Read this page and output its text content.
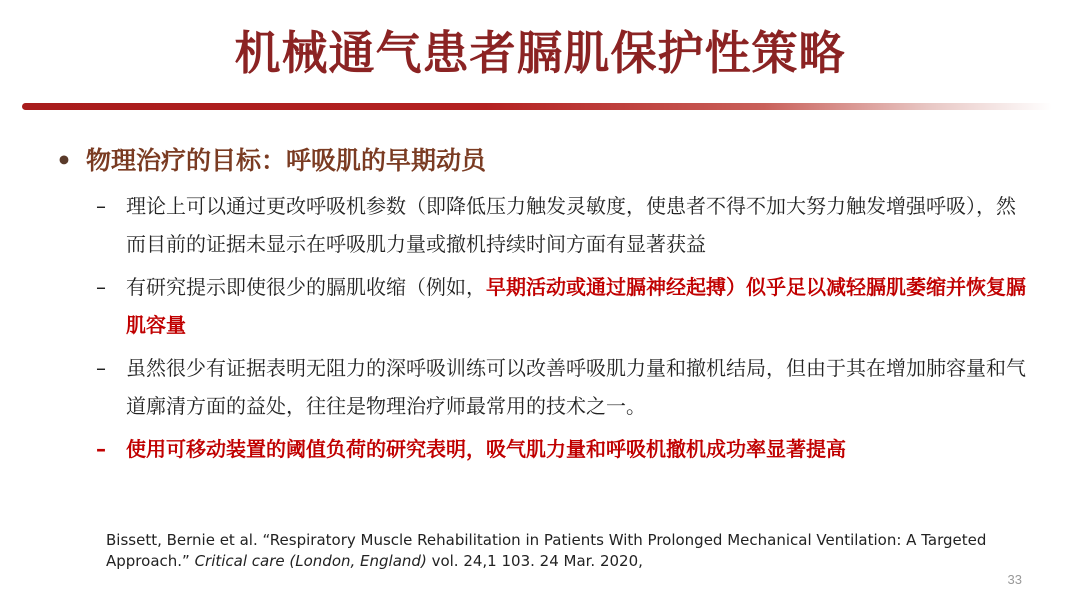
机械通气患者膈肌保护性策略
• 物理治疗的目标：呼吸肌的早期动员
–	理论上可以通过更改呼吸机参数（即降低压力触发灵敏度，使患者不得不加大努力触发增强呼吸），然而目前的证据未显示在呼吸肌力量或撤机持续时间方面有显著获益
–	有研究提示即使很少的膈肌收缩（例如，早期活动或通过膈神经起搏）似乎足以减轻膈肌萎缩并恢复膈肌容量
–	虽然很少有证据表明无阻力的深呼吸训练可以改善呼吸肌力量和撤机结局，但由于其在增加肺容量和气道廓清方面的益处，往往是物理治疗师最常用的技术之一。
–	使用可移动装置的阈值负荷的研究表明，吸气肌力量和呼吸机撤机成功率显著提高
Bissett, Bernie et al. “Respiratory Muscle Rehabilitation in Patients With Prolonged Mechanical Ventilation: A Targeted Approach.” Critical care (London, England) vol. 24,1 103. 24 Mar. 2020,
33
